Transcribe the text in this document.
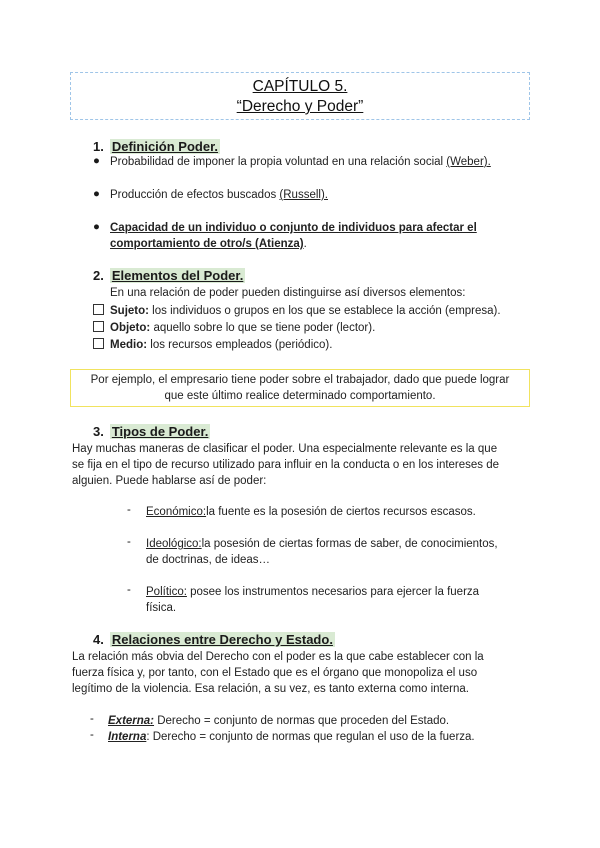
CAPÍTULO 5.
“Derecho y Poder”
1. Definición Poder.
● Probabilidad de imponer la propia voluntad en una relación social (Weber).
● Producción de efectos buscados (Russell).
● Capacidad de un individuo o conjunto de individuos para afectar el
comportamiento de otro/s (Atienza).
2. Elementos del Poder.
En una relación de poder pueden distinguirse así diversos elementos:
Sujeto: los individuos o grupos en los que se establece la acción (empresa).
Objeto: aquello sobre lo que se tiene poder (lector).
Medio: los recursos empleados (periódico).
Por ejemplo, el empresario tiene poder sobre el trabajador, dado que puede lograr
que este último realice determinado comportamiento.
3. Tipos de Poder.
Hay muchas maneras de clasificar el poder. Una especialmente relevante es la que
se fija en el tipo de recurso utilizado para influir en la conducta o en los intereses de
alguien. Puede hablarse así de poder:
- Económico:la fuente es la posesión de ciertos recursos escasos.
- Ideológico:la posesión de ciertas formas de saber, de conocimientos,
de doctrinas, de ideas…
- Político: posee los instrumentos necesarios para ejercer la fuerza
física.
4. Relaciones entre Derecho y Estado.
La relación más obvia del Derecho con el poder es la que cabe establecer con la
fuerza física y, por tanto, con el Estado que es el órgano que monopoliza el uso
legítimo de la violencia. Esa relación, a su vez, es tanto externa como interna.
- Externa: Derecho = conjunto de normas que proceden del Estado.
- Interna: Derecho = conjunto de normas que regulan el uso de la fuerza.
